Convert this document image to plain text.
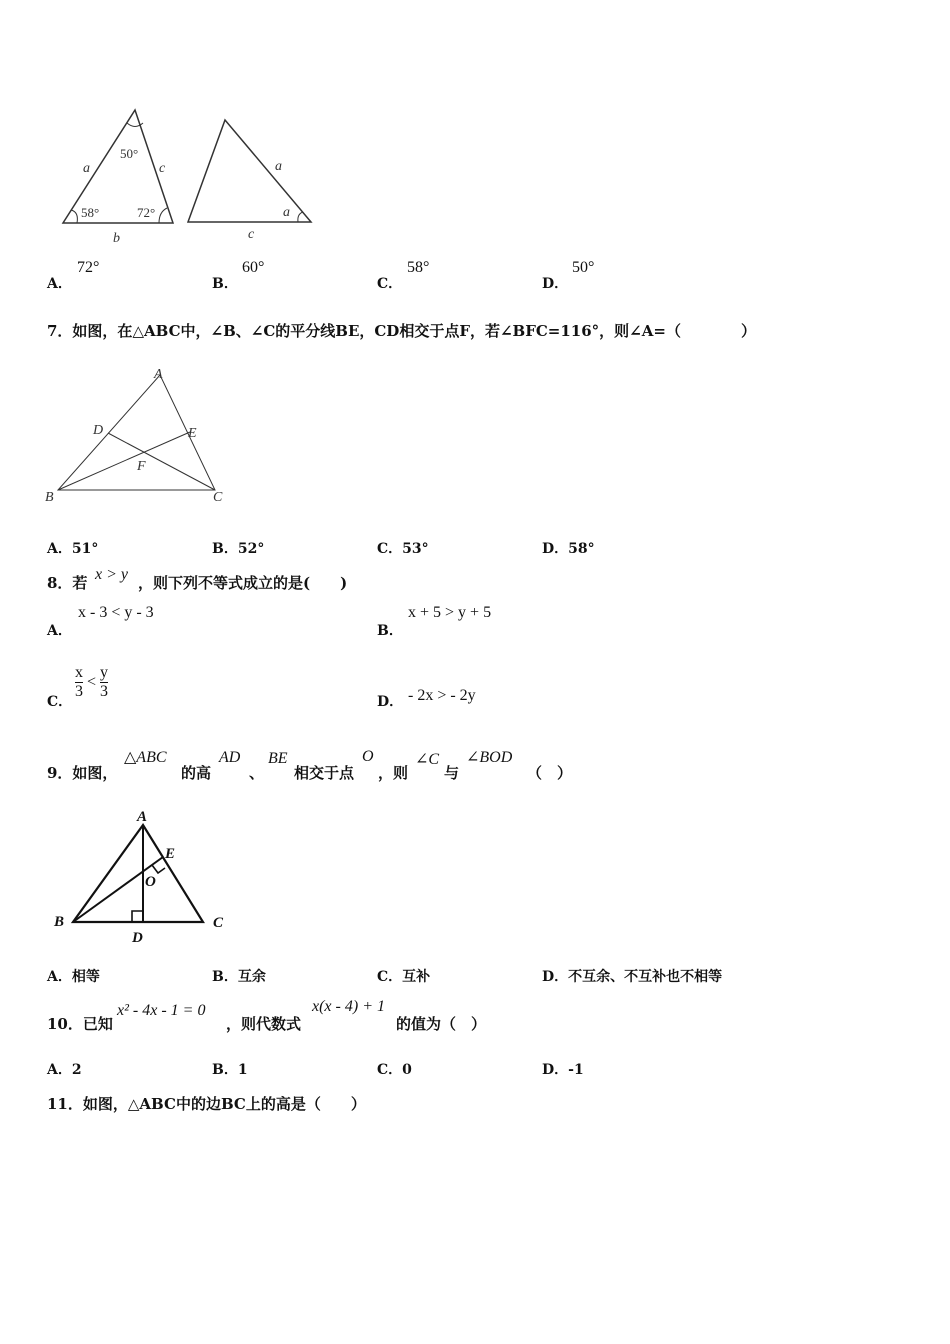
50°
58°	72°
a	c
b
a
a
c
A．
72°
B．
60°
C．
58°
D．
50°
7．如图，在△ABC中，∠B、∠C的平分线BE，CD相交于点F，若∠BFC=116°，则∠A=（　　　　）
A
B	C
D	E
F
A．51°	B．52°	C．53°	D．58°
8．若 x > y ，则下列不等式成立的是(　　)
A．
x - 3 < y - 3
B．
x + 5 > y + 5
C．
$\frac{x}{3} < \frac{y}{3}$
D． - 2x > - 2y
9．如图，
△ABC
的高
AD
、
BE
相交于点
O
，则
∠C
与
∠BOD
（　）
A
B	C
D
E
O
A．相等	B．互余	C．互补	D．不互余、不互补也不相等
10．已知
x² - 4x - 1 = 0
，则代数式
x(x - 4) + 1
的值为（　）
A．2	B．1	C．0	D．-1
11．如图，△ABC中的边BC上的高是（　　）
